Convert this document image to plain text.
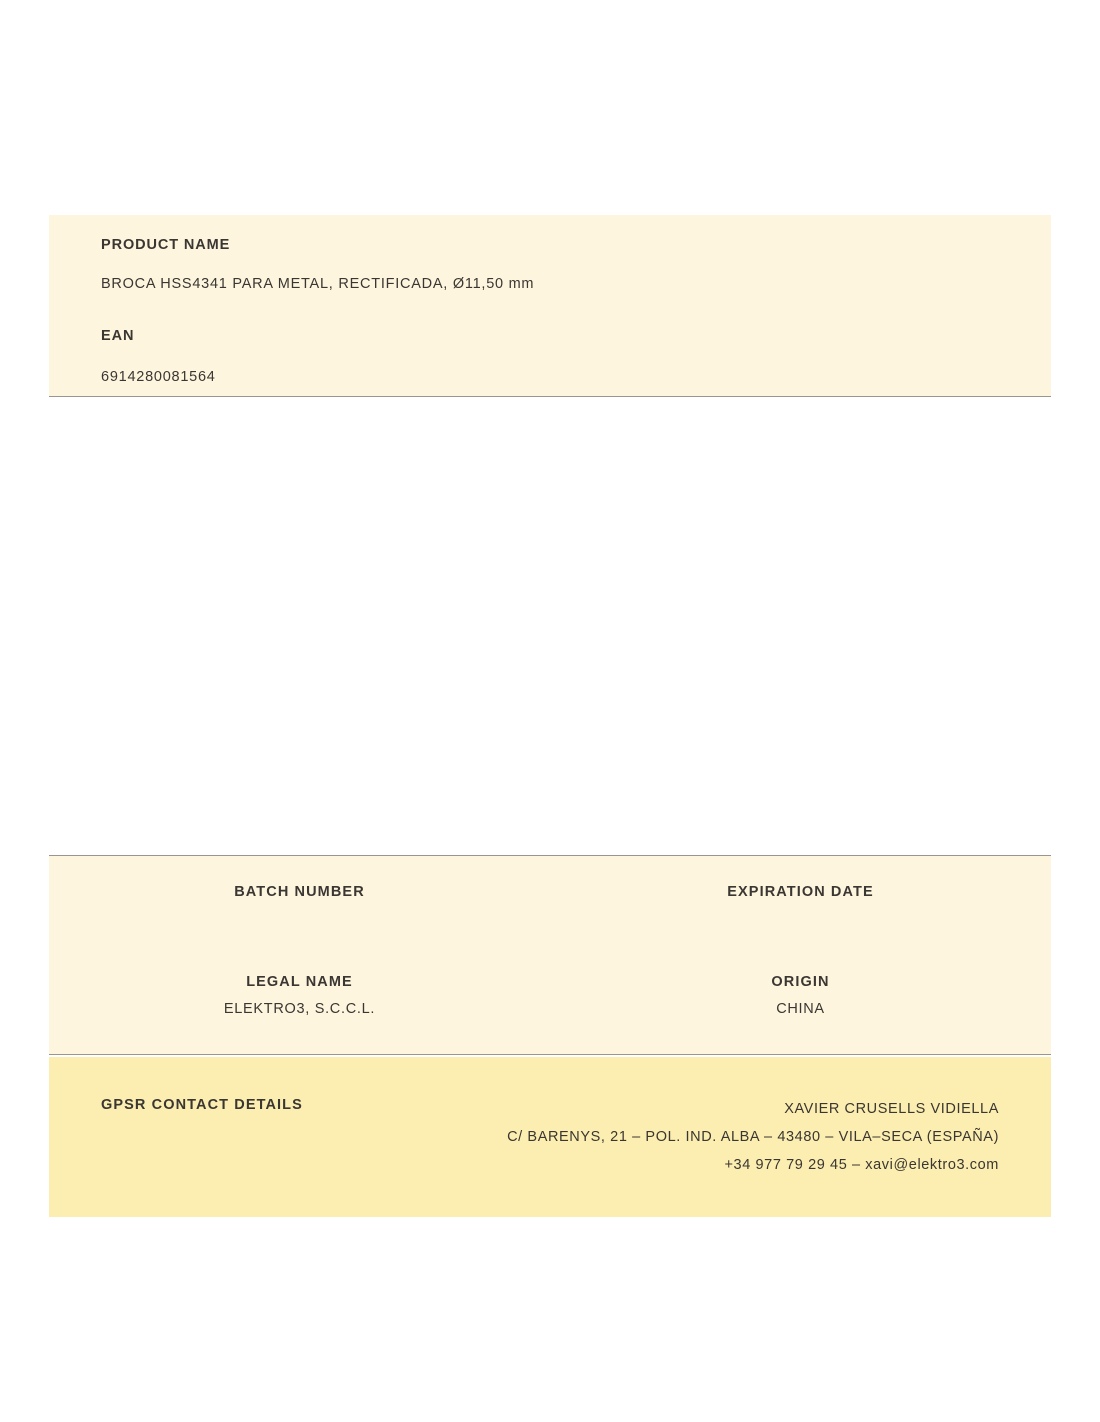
PRODUCT NAME
BROCA HSS4341 PARA METAL, RECTIFICADA, Ø11,50 mm
EAN
6914280081564
BATCH NUMBER	EXPIRATION DATE
LEGAL NAME
ELEKTRO3, S.C.C.L.
ORIGIN
CHINA
GPSR CONTACT DETAILS	XAVIER CRUSELLS VIDIELLA
C/ BARENYS, 21 – POL. IND. ALBA – 43480 – VILA–SECA (ESPAÑA)
+34 977 79 29 45 – xavi@elektro3.com
